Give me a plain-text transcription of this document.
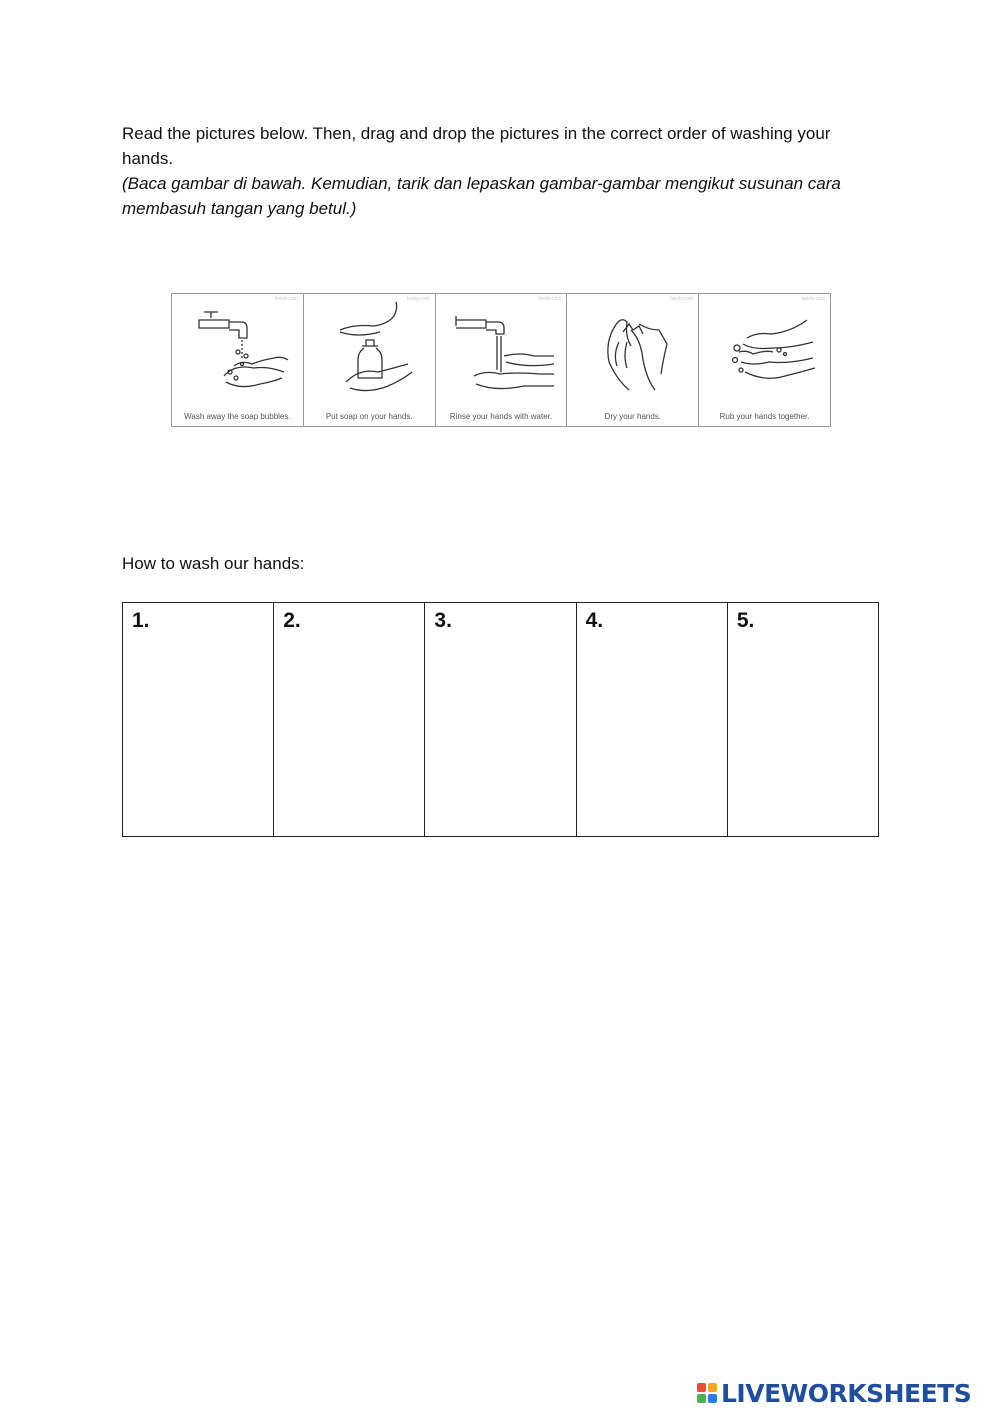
Read the pictures below. Then, drag and drop the pictures in the correct order of washing your hands.

(Baca gambar di bawah. Kemudian, tarik dan lepaskan gambar-gambar mengikut susunan cara membasuh tangan yang betul.)

twisty.com
Wash away the soap bubbles.
twisty.com
Put soap on your hands.
twisty.com
Rinse your hands with water.
twisty.com
Dry your hands.
twisty.com
Rub your hands together.
How to wash our hands:
1.	2.	3.	4.	5.
LIVEWORKSHEETS
